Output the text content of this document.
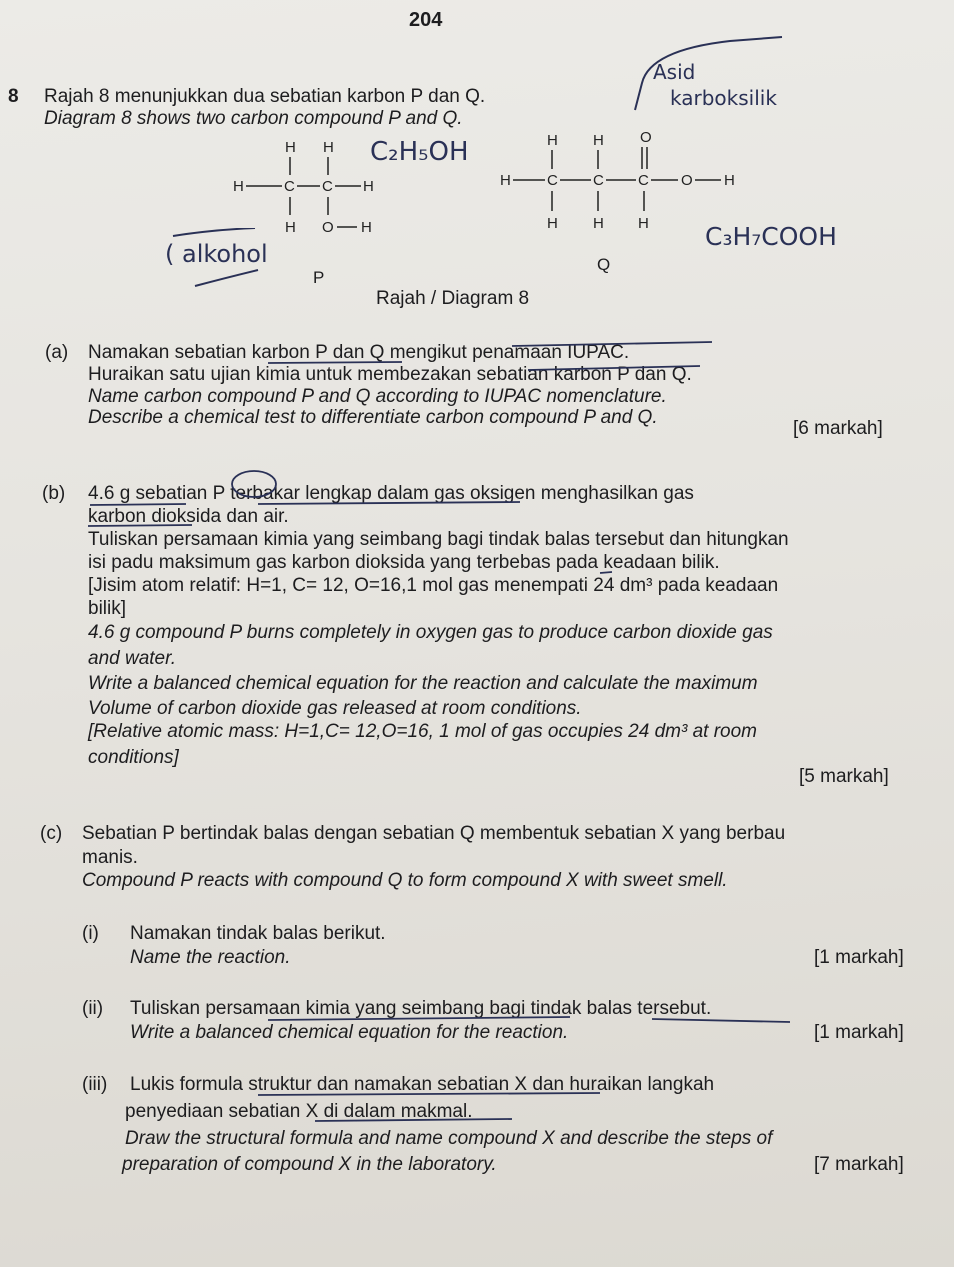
204
8 Rajah 8 menunjukkan dua sebatian karbon P dan Q.
Diagram 8 shows two carbon compound P and Q.
H H
H	C C H
H O H
H H O
H C C C O H
H H H
P
Q
Rajah / Diagram 8
C₂H₅OH
C₃H₇COOH
( alkohol
Asid
karboksilik
(a) Namakan sebatian karbon P dan Q mengikut penamaan IUPAC.
Huraikan satu ujian kimia untuk membezakan sebatian karbon P dan Q.
Name carbon compound P and Q according to IUPAC nomenclature.
Describe a chemical test to differentiate carbon compound P and Q.
[6 markah]
(b) 4.6 g sebatian P terbakar lengkap dalam gas oksigen menghasilkan gas
karbon dioksida dan air.
Tuliskan persamaan kimia yang seimbang bagi tindak balas tersebut dan hitungkan
isi padu maksimum gas karbon dioksida yang terbebas pada keadaan bilik.
[Jisim atom relatif: H=1, C= 12, O=16,1 mol gas menempati 24 dm³ pada keadaan
bilik]
4.6 g compound P burns completely in oxygen gas to produce carbon dioxide gas
and water.
Write a balanced chemical equation for the reaction and calculate the maximum
Volume of carbon dioxide gas released at room conditions.
[Relative atomic mass: H=1,C= 12,O=16, 1 mol of gas occupies 24 dm³ at room
conditions]
[5 markah]
(c) Sebatian P bertindak balas dengan sebatian Q membentuk sebatian X yang berbau
manis.
Compound P reacts with compound Q to form compound X with sweet smell.
(i) Namakan tindak balas berikut.
Name the reaction.	[1 markah]
(ii) Tuliskan persamaan kimia yang seimbang bagi tindak balas tersebut.
Write a balanced chemical equation for the reaction.	[1 markah]
(iii) Lukis formula struktur dan namakan sebatian X dan huraikan langkah
penyediaan sebatian X di dalam makmal.
Draw the structural formula and name compound X and describe the steps of
preparation of compound X in the laboratory.	[7 markah]
